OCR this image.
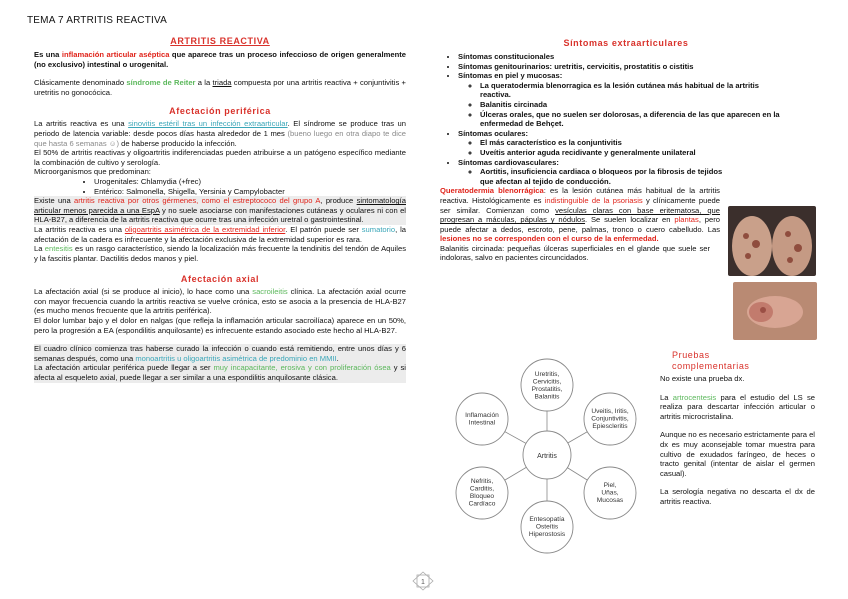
TEMA 7 ARTRITIS REACTIVA
ARTRITIS REACTIVA

Es una inflamación articular aséptica que aparece tras un proceso infeccioso de origen generalmente (no exclusivo) intestinal o urogenital.

Clásicamente denominado síndrome de Reiter a la triada compuesta por una artritis reactiva + conjuntivitis + uretritis no gonocócica.

Afectación periférica

La artritis reactiva es una sinovitis estéril tras un infección extraarticular. El síndrome se produce tras un periodo de latencia variable: desde pocos días hasta alrededor de 1 mes (bueno luego en otra diapo te dice que hasta 6 semanas ☺) de haberse producido la infección.

El 50% de artritis reactivas y oligoartritis indiferenciadas pueden atribuirse a un patógeno específico mediante la combinación de cultivo y serología.

Microorganismos que predominan:

• Urogenitales: Chlamydia (+frec)
• Entérico: Salmonella, Shigella, Yersinia y Campylobacter

Existe una artritis reactiva por otros gérmenes, como el estreptococo del grupo A, produce sintomatología articular menos parecida a una EspA y no suele asociarse con manifestaciones cutáneas y oculares ni con el HLA-B27, a diferencia de la artritis reactiva que ocurre tras una infección uretral o gastrointestinal.

La artritis reactiva es una oligoartritis asimétrica de la extremidad inferior. El patrón puede ser sumatorio, la afectación de la cadera es infrecuente y la afectación exclusiva de la extremidad superior es rara.

La entesitis es un rasgo característico, siendo la localización más frecuente la tendinitis del tendón de Aquiles y la fascitis plantar. Dactilitis dedos manos y piel.

Afectación axial

La afectación axial (si se produce al inicio), lo hace como una sacroileitis clínica. La afectación axial ocurre con mayor frecuencia cuando la artritis reactiva se vuelve crónica, esto se asocia a la presencia de HLA-B27 (es mucho menos frecuente que la artritis periférica).

El dolor lumbar bajo y el dolor en nalgas (que refleja la inflamación articular sacroilíaca) aparece en un 50%, pero la progresión a EA (espondilitis anquilosante) es infrecuente estando asociado este hecho al HLA-B27.

El cuadro clínico comienza tras haberse curado la infección o cuando está remitiendo, entre unos días y 6 semanas después, como una monoartritis u oligoartritis asimétrica de predominio en MMII.

La afectación articular periférica puede llegar a ser muy incapacitante, erosiva y con proliferación ósea y si afecta al esqueleto axial, puede llegar a ser similar a una espondilitis anquilosante clásica.

Síntomas extraarticulares
• Síntomas constitucionales
• Síntomas genitourinarios: uretritis, cervicitis, prostatitis o cistitis
• Síntomas en piel y mucosas:
◦ La queratodermia blenorragica es la lesión cutánea más habitual de la artritis reactiva.
◦ Balanitis circinada
◦ Úlceras orales, que no suelen ser dolorosas, a diferencia de las que aparecen en la enfermedad de Behçet.
• Síntomas oculares:
◦ El más característico es la conjuntivitis
◦ Uveítis anterior aguda recidivante y generalmente unilateral
• Síntomas cardiovasculares:
◦ Aortitis, insuficiencia cardiaca o bloqueos por la fibrosis de tejidos que afectan al tejido de conducción.

Queratodermia blenorrágica: es la lesión cutánea más habitual de la artritis reactiva. Histológicamente es indistinguible de la psoriasis y clínicamente puede ser similar. Comienzan como vesículas claras con base eritematosa, que progresan a máculas, pápulas y nódulos. Se suelen localizar en plantas, pero puede afectar a dedos, escroto, pene, palmas, tronco o cuero cabelludo. Las lesiones no se corresponden con el curso de la enfermedad.

Balanitis circinada: pequeñas úlceras superficiales en el glande que suele ser indoloras, salvo en pacientes circuncidados.

Artritis
Uretritis, Cervicitis, Prostatitis, Balanitis
Uveitis, Iritis, Conjuntivitis, Epiescleritis
Piel, Uñas, Mucosas
Entesopatía Osteítis Hiperostosis
Nefritis, Carditis, Bloqueo Cardíaco
Inflamación Intestinal
Pruebas
complementarias

No existe una prueba dx.

La artrocentesis para el estudio del LS se realiza para descartar infección articular o artritis microcristalina.

Aunque no es necesario estrictamente para el dx es muy aconsejable tomar muestra para cultivo de exudados faríngeo, de heces o tracto genital (intentar de aislar el germen casual).

La serología negativa no descarta el dx de artritis reactiva.

1
